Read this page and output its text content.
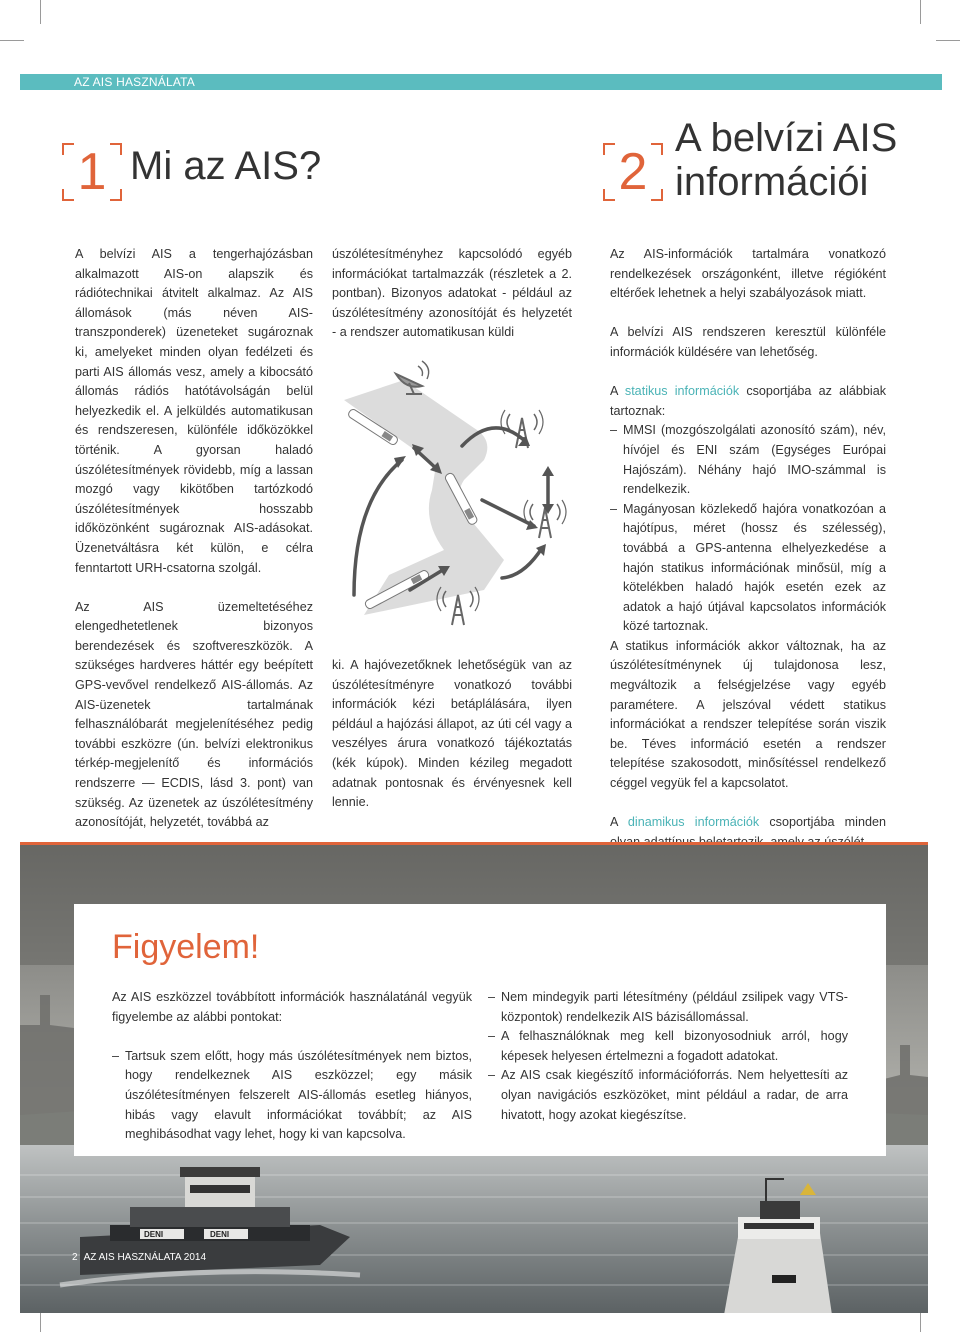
AZ AIS HASZNÁLATA
1 Mi az AIS?	2
A belvízi AIS
információi

A belvízi AIS a tengerhajózásban alkalmazott AIS-on alapszik és rádiótechnikai átvitelt alkalmaz. Az AIS állomások (más néven AIS-transzponderek) üzeneteket sugároznak ki, amelyeket minden olyan fedélzeti és parti AIS állomás vesz, amely a kibocsátó állomás rádiós hatótávolságán belül helyezkedik el. A jelküldés automatikusan és rendszeresen, különféle időközökkel történik. A gyorsan haladó úszólétesítmények rövidebb, míg a lassan mozgó vagy kikötőben tartózkodó úszólétesítmények hosszabb időközönként sugároznak AIS-adásokat. Üzenetváltásra két külön, e célra fenntartott URH-csatorna szolgál.

Az AIS üzemeltetéséhez elengedhetetlenek bizonyos berendezések és szoftvereszközök. A szükséges hardveres háttér egy beépített GPS-vevővel rendelkező AIS-állomás. Az AIS-üzenetek tartalmának felhasználóbarát megjelenítéséhez pedig további eszközre (ún. belvízi elektronikus térkép-megjelenítő és információs rendszerre — ECDIS, lásd 3. pont) van szükség. Az üzenetek az úszólétesítmény azonosítóját, helyzetét, továbbá az

úszólétesítményhez kapcsolódó egyéb információkat tartalmazzák (részletek a 2. pontban). Bizonyos adatokat - például az úszólétesítmény azonosítóját és helyzetét - a rendszer automatikusan küldi

ki. A hajóvezetőknek lehetőségük van az úszólétesítményre vonatkozó további információk kézi betáplálására, ilyen például a hajózási állapot, az úti cél vagy a veszélyes árura vonatkozó tájékoztatás (kék kúpok). Minden kézileg megadott adatnak pontosnak és érvényesnek kell lennie.

Az AIS-információk tartalmára vonatkozó rendelkezések országonként, illetve régióként eltérőek lehetnek a helyi szabályozások miatt.

A belvízi AIS rendszeren keresztül különféle információk küldésére van lehetőség.

A statikus információk csoportjába az alábbiak tartoznak:

– MMSI (mozgószolgálati azonosító szám), név, hívójel és ENI szám (Egységes Európai Hajószám). Néhány hajó IMO-számmal is rendelkezik.
– Magányosan közlekedő hajóra vonatkozóan a hajótípus, méret (hossz és szélesség), továbbá a GPS-antenna elhelyezkedése a hajón statikus információnak minősül, míg a kötelékben haladó hajók esetén ezek az adatok a hajó útjával kapcsolatos információk közé tartoznak.

A statikus információk akkor változnak, ha az úszólétesítménynek új tulajdonosa lesz, megváltozik a felségjelzése vagy egyéb paramétere. A jelszóval védett statikus információkat a rendszer telepítése során viszik be. Téves információ esetén a rendszer telepítése szakosodott, minősítéssel rendelkező céggel vegyük fel a kapcsolatot.

A dinamikus információk csoportjába minden

DENI	DENI
2 AZ AIS HASZNÁLATA 2014
Figyelem!

Az AIS eszközzel továbbított információk használatánál vegyük figyelembe az alábbi pontokat:

– Tartsuk szem előtt, hogy más úszólétesítmények nem biztos, hogy rendelkeznek AIS eszközzel; egy másik úszólétesítményen felszerelt AIS-állomás esetleg hiányos, hibás vagy elavult információkat továbbít; az AIS meghibásodhat vagy lehet, hogy ki van kapcsolva.
– Nem mindegyik parti létesítmény (például zsilipek vagy VTS-központok) rendelkezik AIS bázisállomással.
– A felhasználóknak meg kell bizonyosodniuk arról, hogy képesek helyesen értelmezni a fogadott adatokat.
– Az AIS csak kiegészítő információforrás. Nem helyettesíti az olyan navigációs eszközöket, mint például a radar, de arra hivatott, hogy azokat kiegészítse.
